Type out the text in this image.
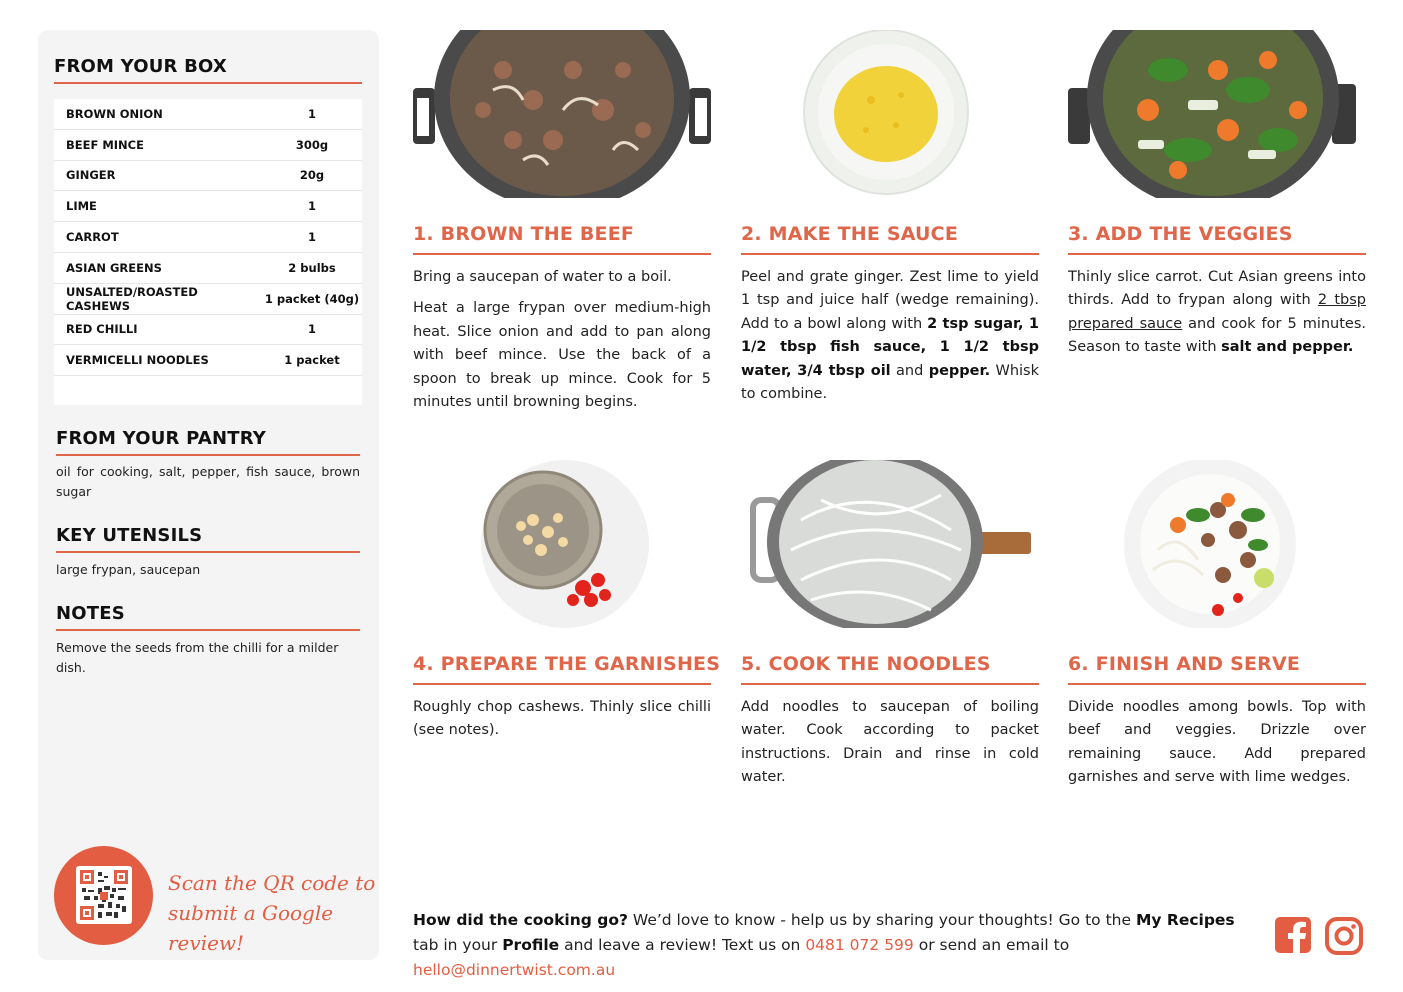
FROM YOUR BOX
BROWN ONION	1
BEEF MINCE	300g
GINGER	20g
LIME	1
CARROT	1
ASIAN GREENS	2 bulbs
UNSALTED/ROASTED CASHEWS	1 packet (40g)
RED CHILLI	1
VERMICELLI NOODLES	1 packet
FROM YOUR PANTRY
oil for cooking, salt, pepper, fish sauce, brown sugar
KEY UTENSILS
large frypan, saucepan
NOTES
Remove the seeds from the chilli for a milder dish.
Scan the QR code to
submit a Google review!
1. BROWN THE BEEF

Bring a saucepan of water to a boil.

Heat a large frypan over medium-high heat. Slice onion and add to pan along with beef mince. Use the back of a spoon to break up mince. Cook for 5 minutes until browning begins.

2. MAKE THE SAUCE

Peel and grate ginger. Zest lime to yield 1 tsp and juice half (wedge remaining). Add to a bowl along with 2 tsp sugar, 1 1/2 tbsp fish sauce, 1 1/2 tbsp water, 3/4 tbsp oil and pepper. Whisk to combine.

3. ADD THE VEGGIES

Thinly slice carrot. Cut Asian greens into thirds. Add to frypan along with 2 tbsp prepared sauce and cook for 5 minutes. Season to taste with salt and pepper.

4. PREPARE THE GARNISHES

Roughly chop cashews. Thinly slice chilli (see notes).

5. COOK THE NOODLES

Add noodles to saucepan of boiling water. Cook according to packet instructions. Drain and rinse in cold water.

6. FINISH AND SERVE

Divide noodles among bowls. Top with beef and veggies. Drizzle over remaining sauce. Add prepared garnishes and serve with lime wedges.

How did the cooking go? We’d love to know - help us by sharing your thoughts! Go to the My Recipes tab in your Profile and leave a review! Text us on 0481 072 599 or send an email to hello@dinnertwist.com.au
